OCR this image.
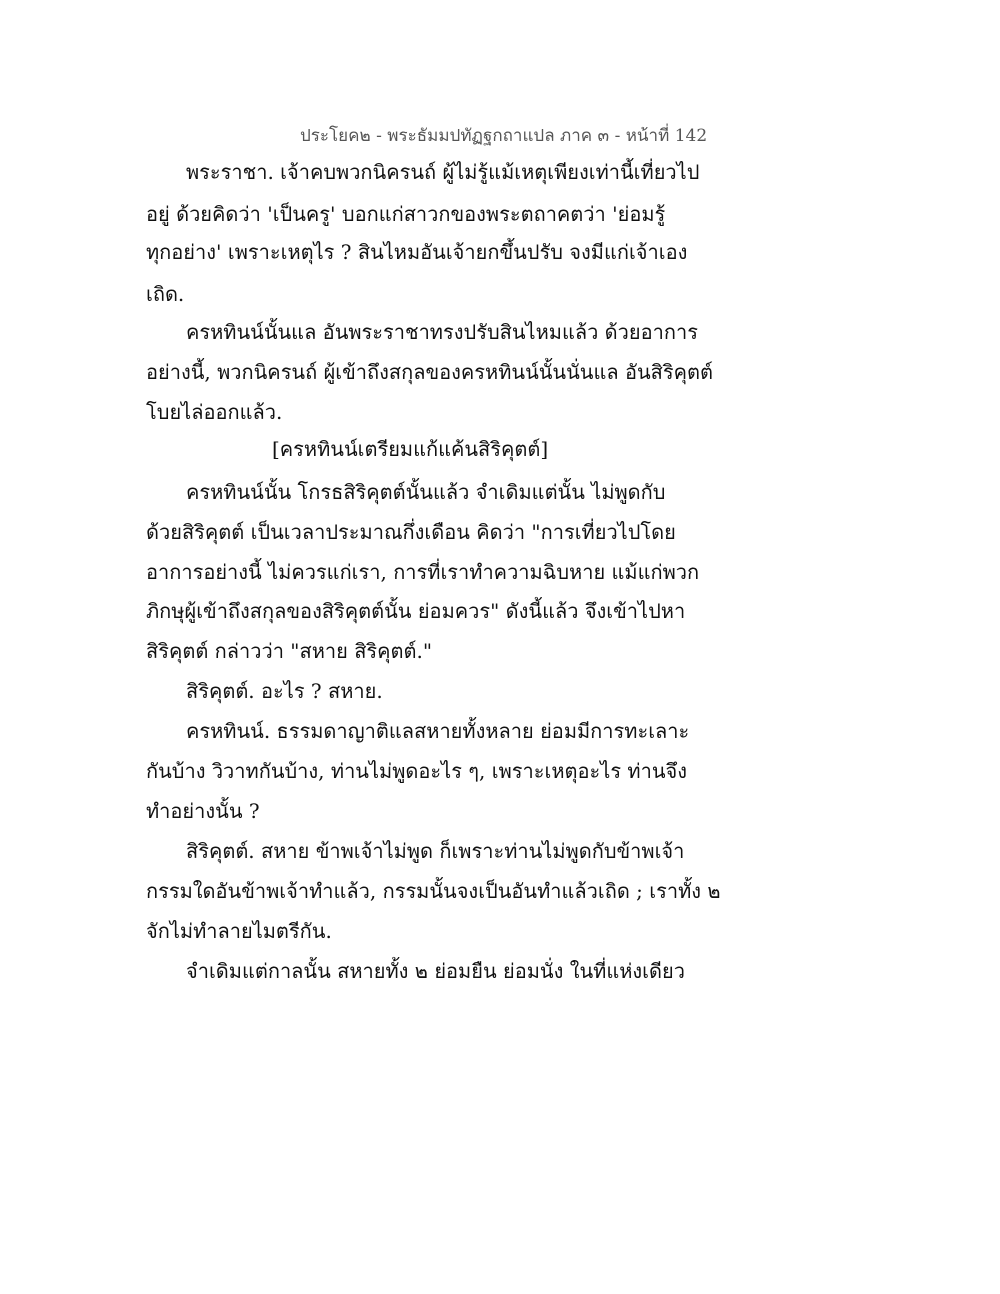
ประโยค๒ - พระธัมมปทัฏฐกถาแปล ภาค ๓ - หน้าที่ 142
พระราชา. เจ้าคบพวกนิครนถ์ ผู้ไม่รู้แม้เหตุเพียงเท่านี้เที่ยวไป
อยู่ ด้วยคิดว่า 'เป็นครู' บอกแก่สาวกของพระตถาคตว่า 'ย่อมรู้
ทุกอย่าง' เพราะเหตุไร ? สินไหมอันเจ้ายกขึ้นปรับ จงมีแก่เจ้าเอง
เถิด.
ครหทินน์นั้นแล อันพระราชาทรงปรับสินไหมแล้ว ด้วยอาการ
อย่างนี้, พวกนิครนถ์ ผู้เข้าถึงสกุลของครหทินน์นั้นนั่นแล อันสิริคุตต์
โบยไล่ออกแล้ว.
[ครหทินน์เตรียมแก้แค้นสิริคุตต์]
ครหทินน์นั้น โกรธสิริคุตต์นั้นแล้ว จำเดิมแต่นั้น ไม่พูดกับ
ด้วยสิริคุตต์ เป็นเวลาประมาณกึ่งเดือน คิดว่า "การเที่ยวไปโดย
อาการอย่างนี้ ไม่ควรแก่เรา, การที่เราทำความฉิบหาย แม้แก่พวก
ภิกษุผู้เข้าถึงสกุลของสิริคุตต์นั้น ย่อมควร" ดังนี้แล้ว จึงเข้าไปหา
สิริคุตต์ กล่าวว่า "สหาย สิริคุตต์."
สิริคุตต์. อะไร ? สหาย.
ครหทินน์. ธรรมดาญาติแลสหายทั้งหลาย ย่อมมีการทะเลาะ
กันบ้าง วิวาทกันบ้าง, ท่านไม่พูดอะไร ๆ, เพราะเหตุอะไร ท่านจึง
ทำอย่างนั้น ?
สิริคุตต์. สหาย ข้าพเจ้าไม่พูด ก็เพราะท่านไม่พูดกับข้าพเจ้า
กรรมใดอันข้าพเจ้าทำแล้ว, กรรมนั้นจงเป็นอันทำแล้วเถิด ; เราทั้ง ๒
จักไม่ทำลายไมตรีกัน.
จำเดิมแต่กาลนั้น สหายทั้ง ๒ ย่อมยืน ย่อมนั่ง ในที่แห่งเดียว
